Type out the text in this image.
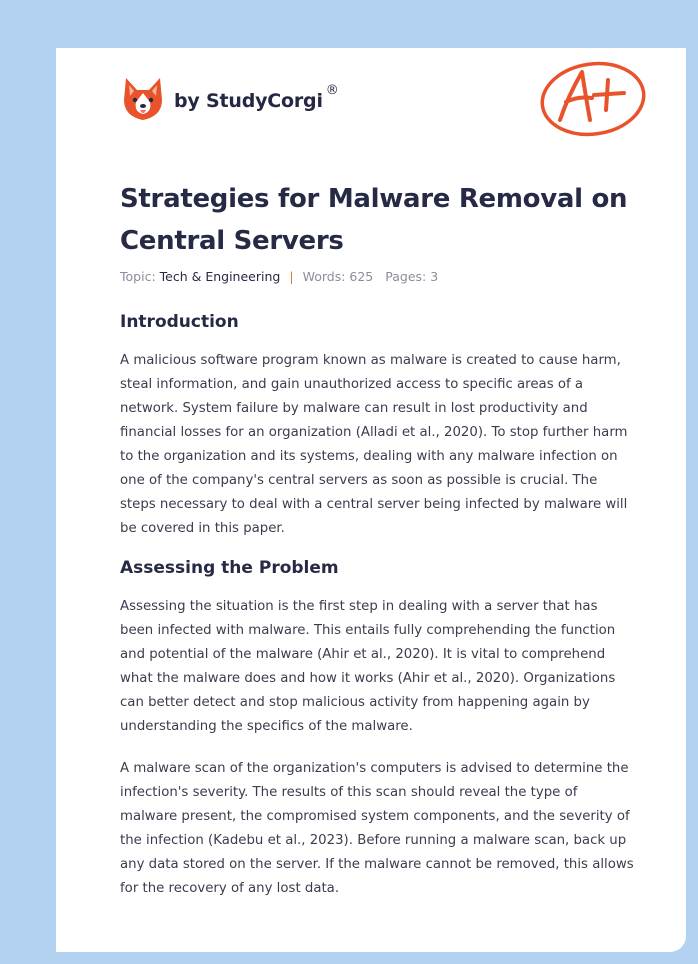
by StudyCorgi ®
Strategies for Malware Removal on Central Servers
Topic: Tech & Engineering | Words: 625 Pages: 3
Introduction

A malicious software program known as malware is created to cause harm, steal information, and gain unauthorized access to specific areas of a network. System failure by malware can result in lost productivity and financial losses for an organization (Alladi et al., 2020). To stop further harm to the organization and its systems, dealing with any malware infection on one of the company's central servers as soon as possible is crucial. The steps necessary to deal with a central server being infected by malware will be covered in this paper.

Assessing the Problem

Assessing the situation is the first step in dealing with a server that has been infected with malware. This entails fully comprehending the function and potential of the malware (Ahir et al., 2020). It is vital to comprehend what the malware does and how it works (Ahir et al., 2020). Organizations can better detect and stop malicious activity from happening again by understanding the specifics of the malware.

A malware scan of the organization's computers is advised to determine the infection's severity. The results of this scan should reveal the type of malware present, the compromised system components, and the severity of the infection (Kadebu et al., 2023). Before running a malware scan, back up any data stored on the server. If the malware cannot be removed, this allows for the recovery of any lost data.
